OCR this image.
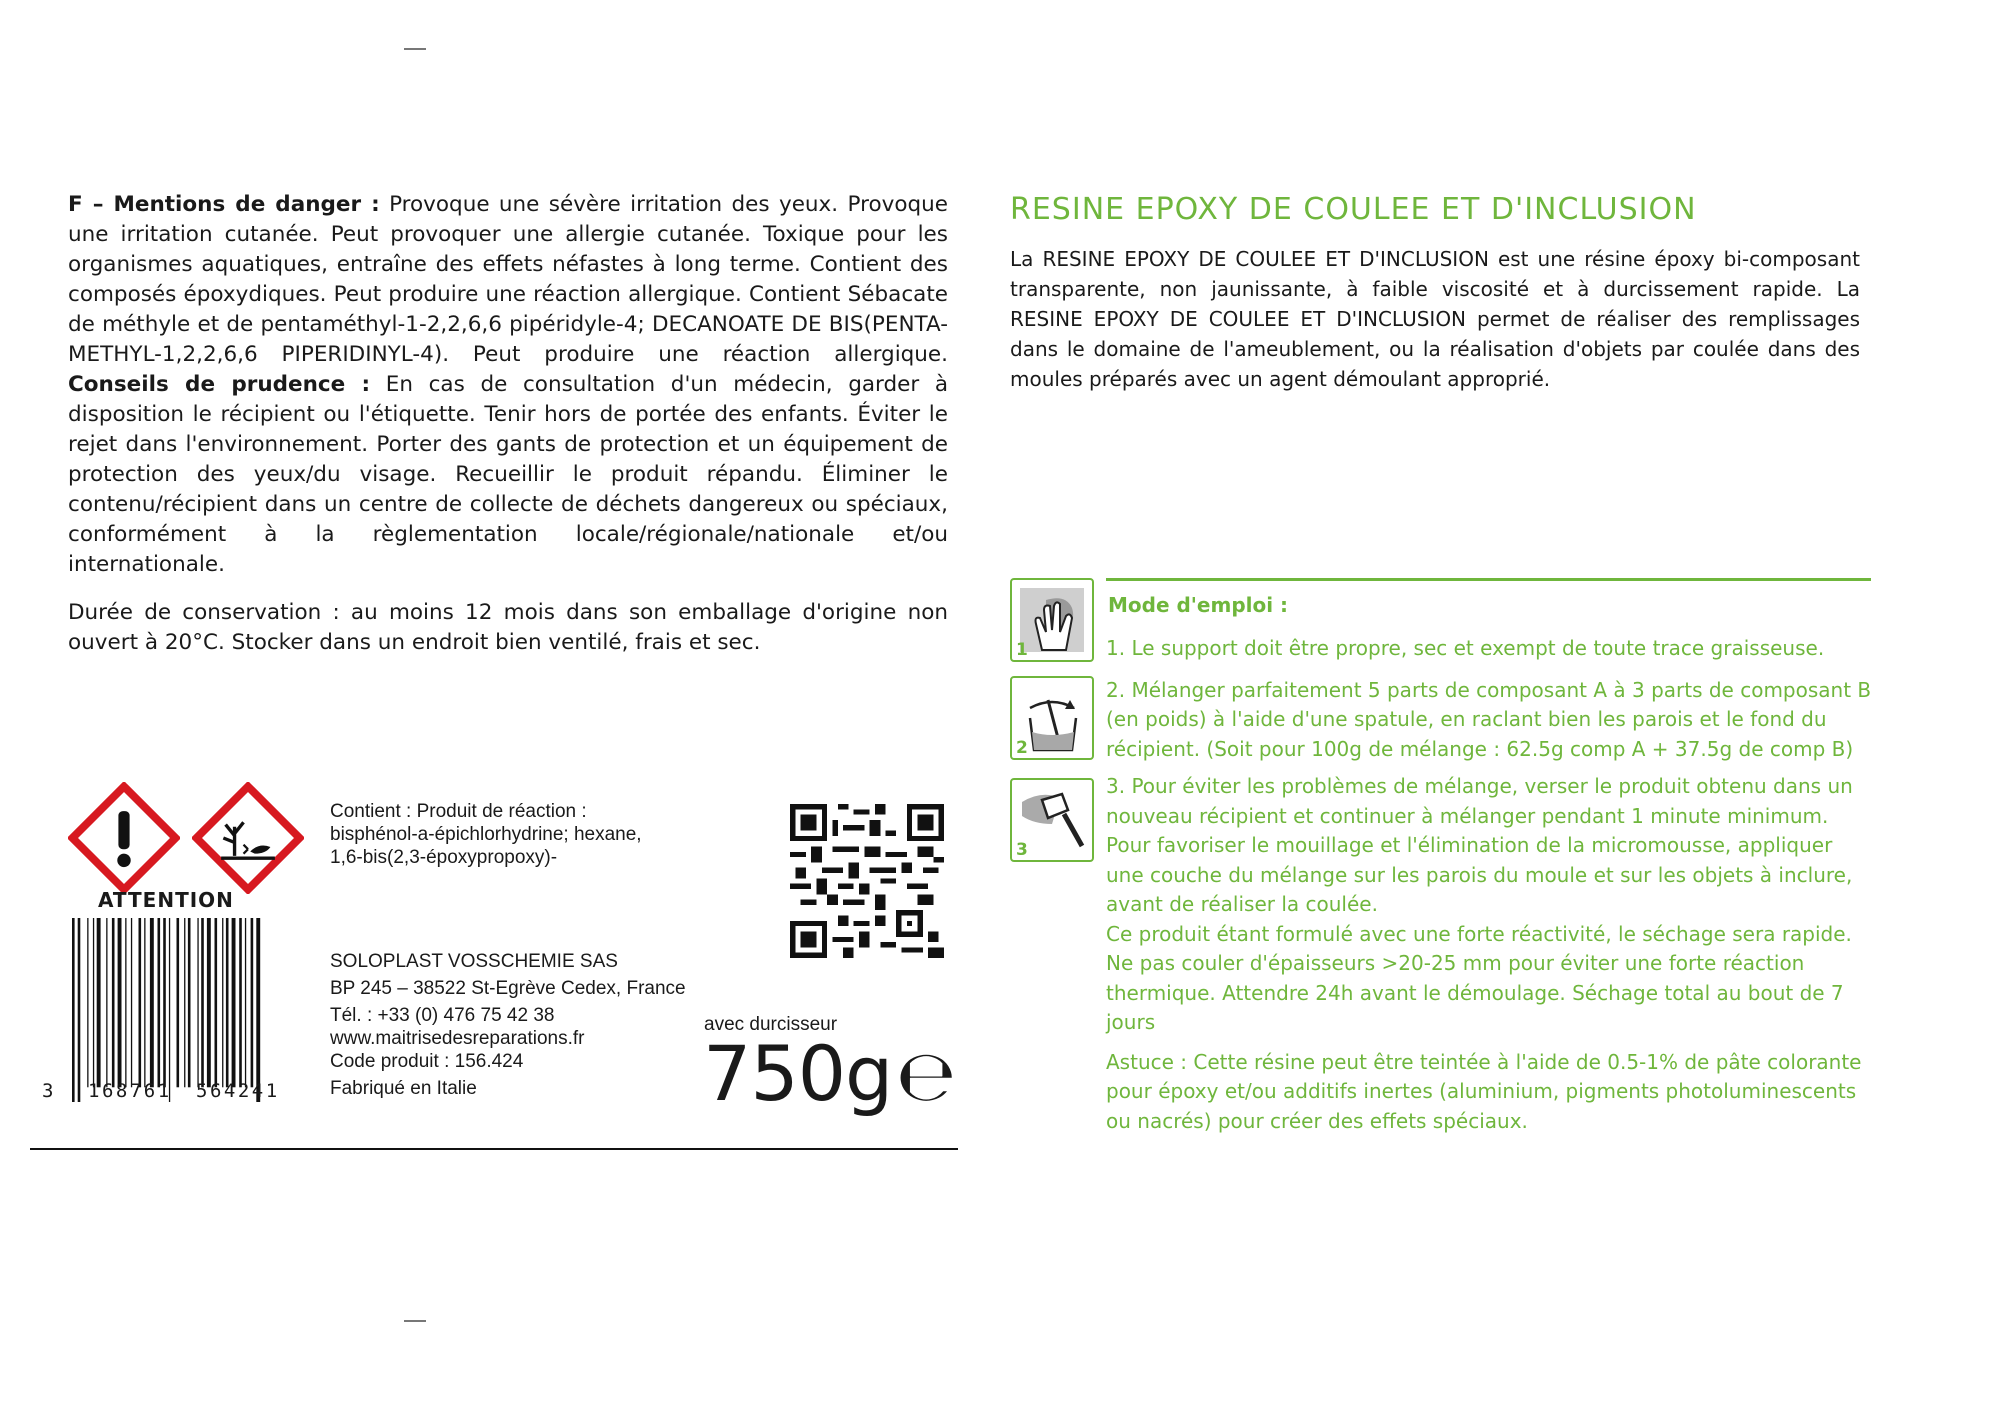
F – Mentions de danger : Provoque une sévère irritation des yeux. Provoque une irritation cutanée. Peut provoquer une allergie cutanée. Toxique pour les organismes aquatiques, entraîne des effets néfastes à long terme. Contient des composés époxydiques. Peut produire une réaction allergique. Contient Sébacate de méthyle et de pentaméthyl-1-2,2,6,6 pipéridyle-4; DECANOATE DE BIS(PENTA-METHYL-1,2,2,6,6 PIPERIDINYL-4). Peut produire une réaction allergique. Conseils de prudence : En cas de consultation d'un médecin, garder à disposition le récipient ou l'étiquette. Tenir hors de portée des enfants. Éviter le rejet dans l'environnement. Porter des gants de protection et un équipement de protection des yeux/du visage. Recueillir le produit répandu. Éliminer le contenu/récipient dans un centre de collecte de déchets dangereux ou spéciaux, conformément à la règlementation locale/régionale/nationale et/ou internationale.

Durée de conservation : au moins 12 mois dans son emballage d'origine non ouvert à 20°C. Stocker dans un endroit bien ventilé, frais et sec.

ATTENTION
Contient : Produit de réaction :
bisphénol-a-épichlorhydrine; hexane,
1,6-bis(2,3-époxypropoxy)-
3 168761 564241
SOLOPLAST VOSSCHEMIE SAS
BP 245 – 38522 St-Egrève Cedex, France
Tél. : +33 (0) 476 75 42 38
www.maitrisedesreparations.fr
Code produit : 156.424
Fabriqué en Italie
avec durcisseur
750g℮
RESINE EPOXY DE COULEE ET D'INCLUSION
La RESINE EPOXY DE COULEE ET D'INCLUSION est une résine époxy bi-composant transparente, non jaunissante, à faible viscosité et à durcissement rapide. La RESINE EPOXY DE COULEE ET D'INCLUSION permet de réaliser des remplissages dans le domaine de l'ameublement, ou la réalisation d'objets par coulée dans des moules préparés avec un agent démoulant approprié.
Mode d'emploi :
1
2
3
1. Le support doit être propre, sec et exempt de toute trace graisseuse.
2. Mélanger parfaitement 5 parts de composant A à 3 parts de composant B (en poids) à l'aide d'une spatule, en raclant bien les parois et le fond du récipient. (Soit pour 100g de mélange : 62.5g comp A + 37.5g de comp B)
3. Pour éviter les problèmes de mélange, verser le produit obtenu dans un nouveau récipient et continuer à mélanger pendant 1 minute minimum.
Pour favoriser le mouillage et l'élimination de la micromousse, appliquer une couche du mélange sur les parois du moule et sur les objets à inclure, avant de réaliser la coulée.
Ce produit étant formulé avec une forte réactivité, le séchage sera rapide. Ne pas couler d'épaisseurs >20-25 mm pour éviter une forte réaction thermique. Attendre 24h avant le démoulage. Séchage total au bout de 7 jours
Astuce : Cette résine peut être teintée à l'aide de 0.5-1% de pâte colorante pour époxy et/ou additifs inertes (aluminium, pigments photoluminescents ou nacrés) pour créer des effets spéciaux.
